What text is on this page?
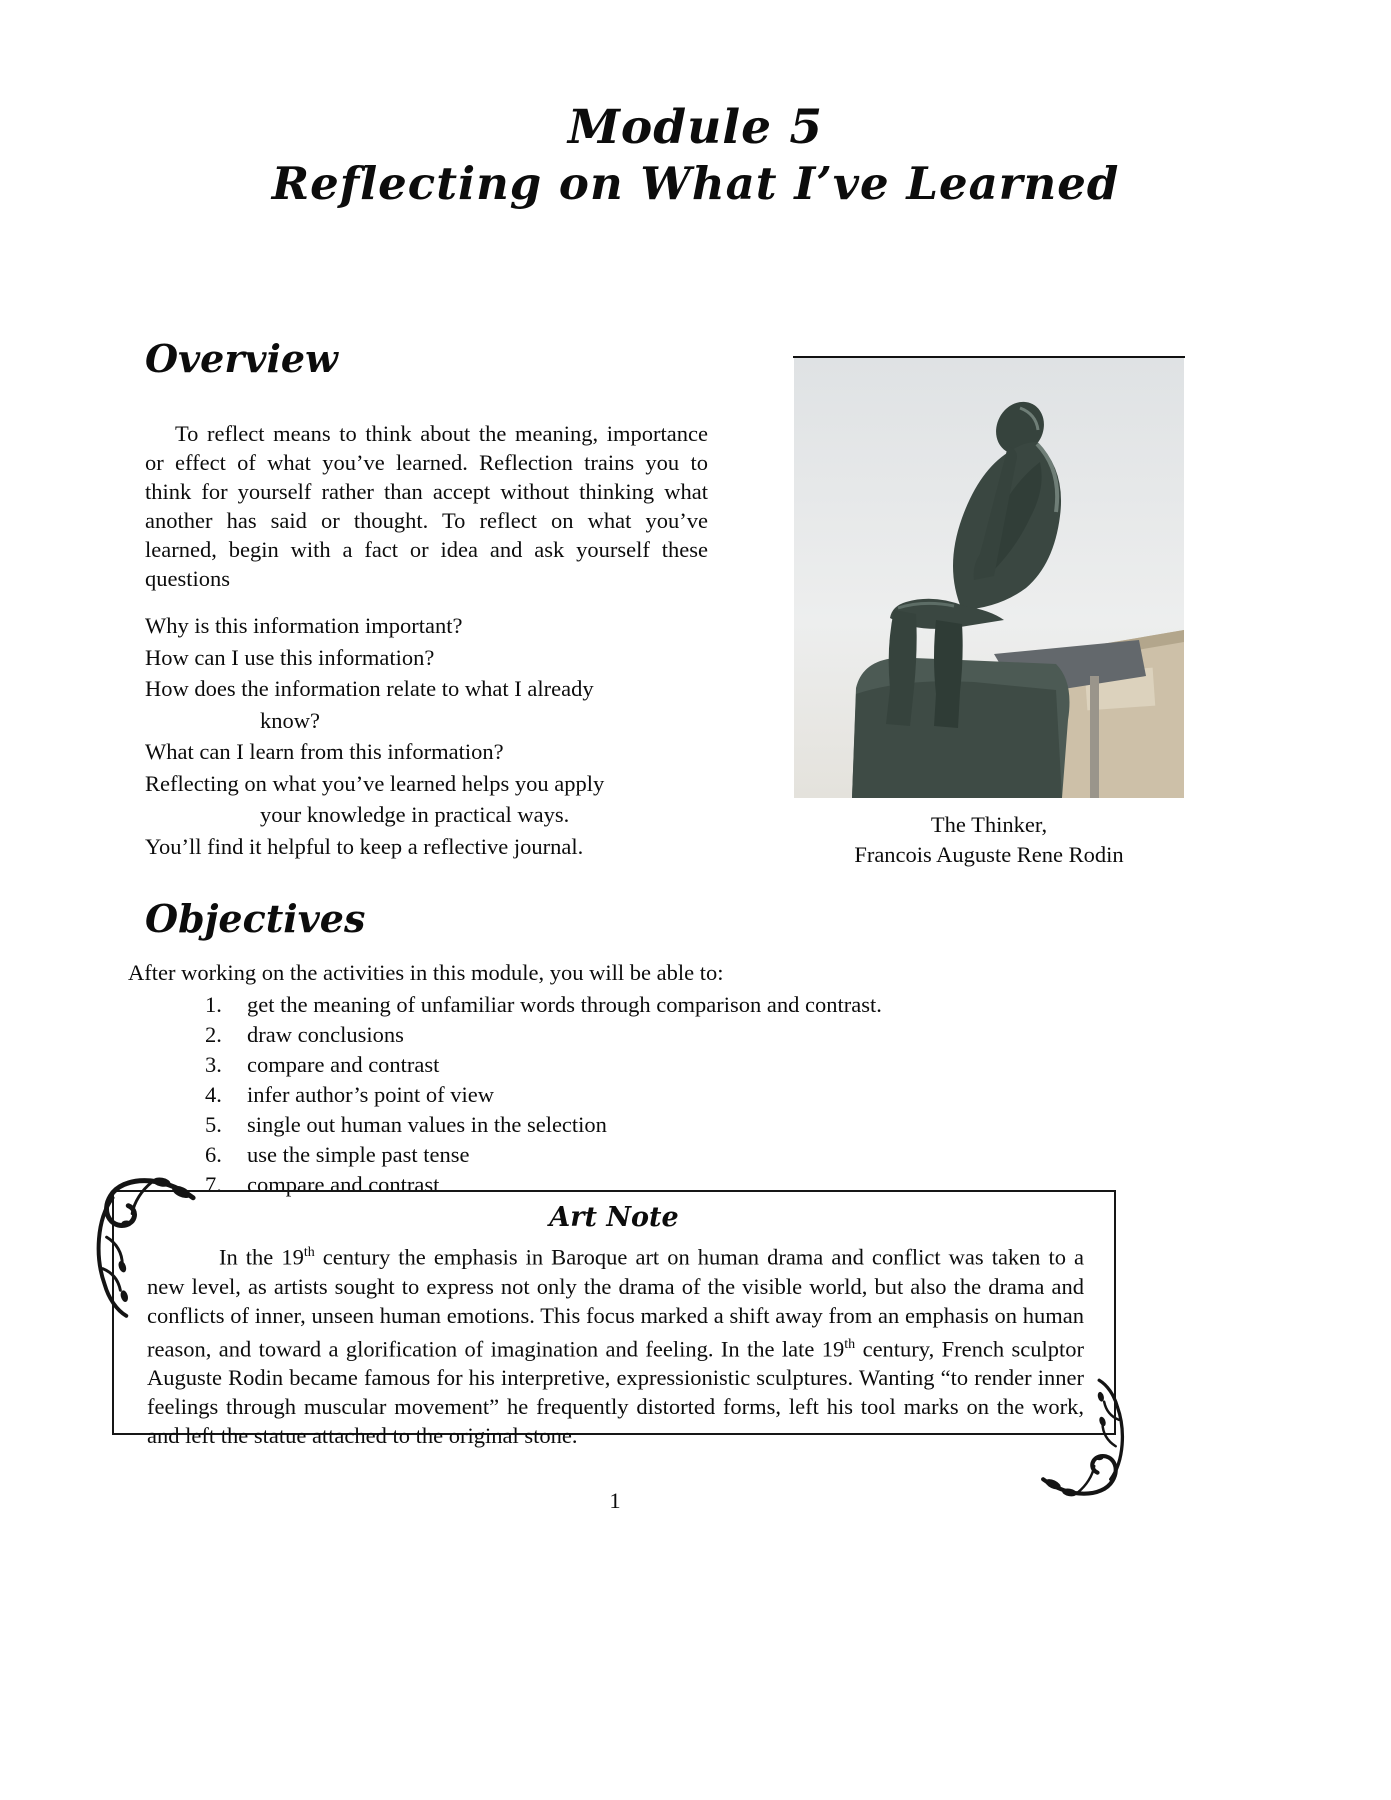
Module 5
Reflecting on What I’ve Learned
Overview

To reflect means to think about the meaning, importance or effect of what you’ve learned. Reflection trains you to think for yourself rather than accept without thinking what another has said or thought. To reflect on what you’ve learned, begin with a fact or idea and ask yourself these questions

Why is this information important?
How can I use this information?
How does the information relate to what I already
know?
What can I learn from this information?
Reflecting on what you’ve learned helps you apply
your knowledge in practical ways.
You’ll find it helpful to keep a reflective journal.
The Thinker,
Francois Auguste Rene Rodin
Objectives
After working on the activities in this module, you will be able to:
1.	get the meaning of unfamiliar words through comparison and contrast.
2.	draw conclusions
3.	compare and contrast
4.	infer author’s point of view
5.	single out human values in the selection
6.	use the simple past tense
7.	compare and contrast
Art Note

In the 19th century the emphasis in Baroque art on human drama and conflict was taken to a new level, as artists sought to express not only the drama of the visible world, but also the drama and conflicts of inner, unseen human emotions. This focus marked a shift away from an emphasis on human reason, and toward a glorification of imagination and feeling. In the late 19th century, French sculptor Auguste Rodin became famous for his interpretive, expressionistic sculptures. Wanting “to render inner feelings through muscular movement” he frequently distorted forms, left his tool marks on the work, and left the statue attached to the original stone.

1
